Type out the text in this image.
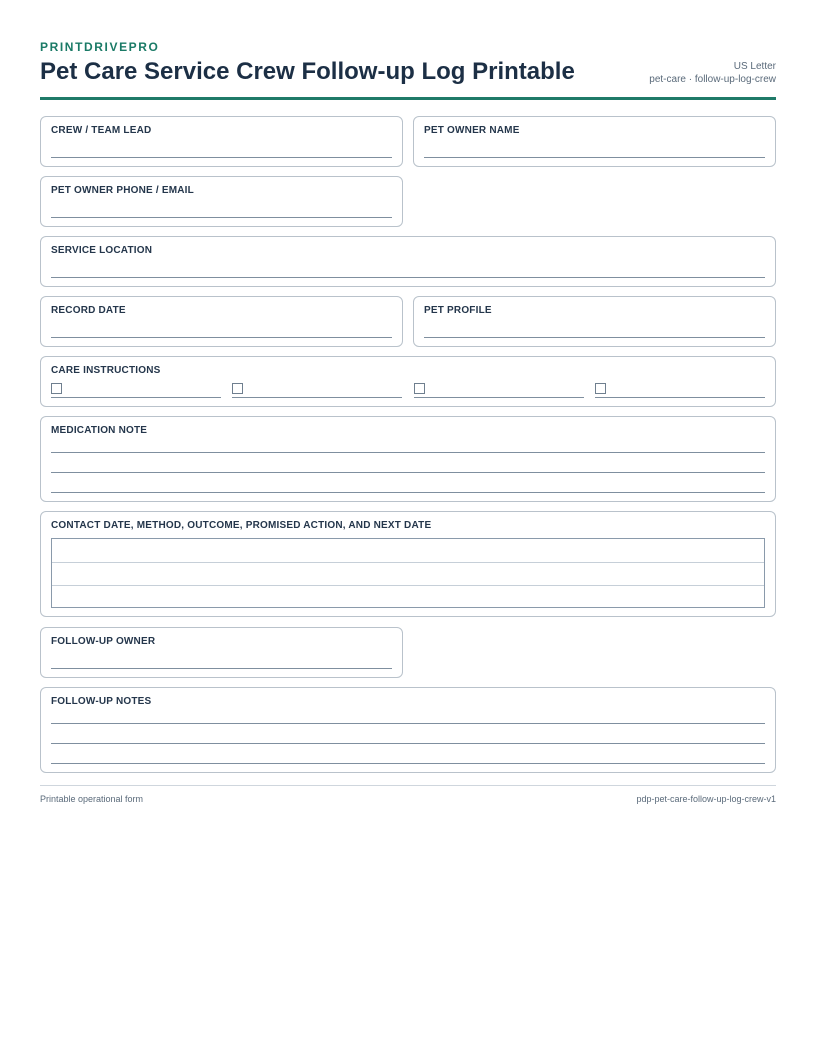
PRINTDRIVEPRO
Pet Care Service Crew Follow-up Log Printable	US Letter
pet-care · follow-up-log-crew
CREW / TEAM LEAD	PET OWNER NAME
PET OWNER PHONE / EMAIL
SERVICE LOCATION
RECORD DATE	PET PROFILE
CARE INSTRUCTIONS
MEDICATION NOTE
CONTACT DATE, METHOD, OUTCOME, PROMISED ACTION, AND NEXT DATE
FOLLOW-UP OWNER
FOLLOW-UP NOTES
Printable operational form	pdp-pet-care-follow-up-log-crew-v1
